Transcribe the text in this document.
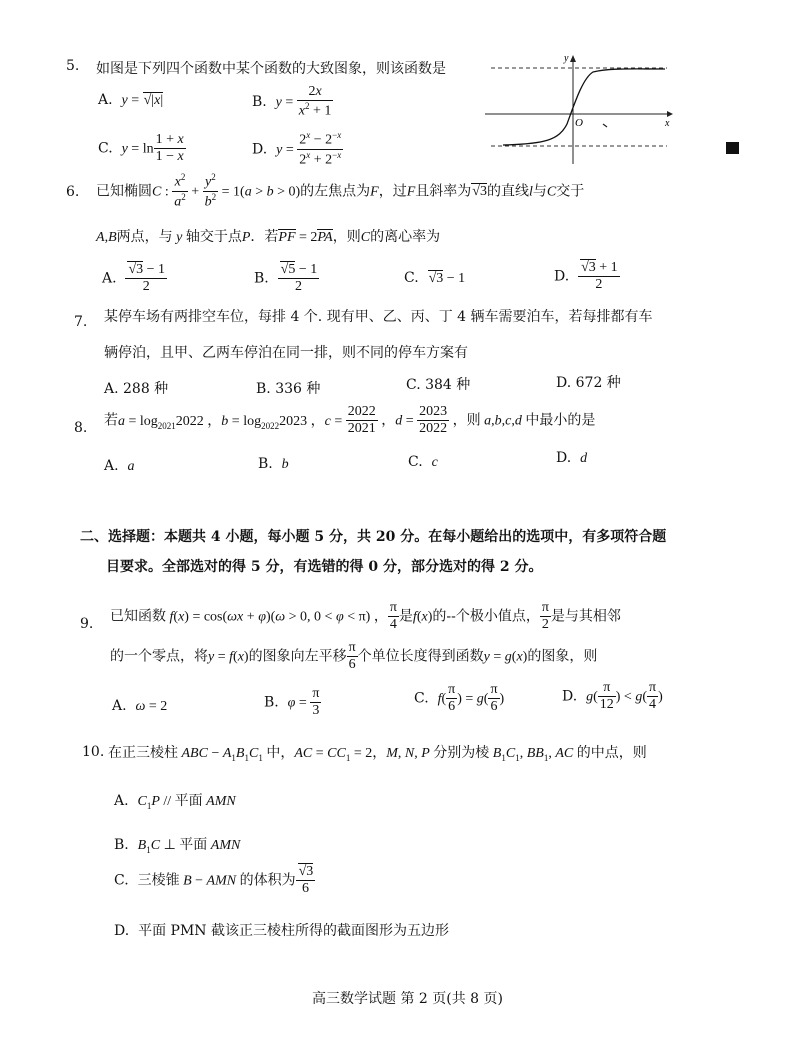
5. 如图是下列四个函数中某个函数的大致图象，则该函数是
A. y = √|x|	B. $y = \frac{2x}{x^2 + 1}$
C. $y = \ln \frac{1 + x}{1 - x}$	D. $y = \frac{2^x - 2^{-x}}{2^x + 2^{-x}}$
y
x
O
6. 已知椭圆C : $\frac{x^2}{a^2} + \frac{y^2}{b^2} = 1(a > b > 0)$的左焦点为F，过F且斜率为√3的直线l与C交于
A,B两点，与 y 轴交于点P．若PF = 2PA，则C的离心率为
A. $\frac{√3 - 1}{2}$	B. $\frac{√5 - 1}{2}$	C. √3 − 1	D. $\frac{√3 + 1}{2}$
7. 某停车场有两排空车位，每排 4 个. 现有甲、乙、丙、丁 4 辆车需要泊车，若每排都有车
辆停泊，且甲、乙两车停泊在同一排，则不同的停车方案有
A. 288 种	B. 336 种	C. 384 种	D. 672 种
8. 若$a = \log_{2021}2022$ ，$b = \log_{2022}2023$ ，$c = \frac{2022}{2021}$ ，$d = \frac{2023}{2022}$ ，则 a,b,c,d 中最小的是
A. a	B. b	C. c	D. d
二、选择题：本题共 4 小题，每小题 5 分，共 20 分。在每小题给出的选项中，有多项符合题
目要求。全部选对的得 5 分，有选错的得 0 分，部分选对的得 2 分。
9. 已知函数 f(x) = cos(ωx + φ)(ω > 0, 0 < φ < π) ， $\frac{\pi}{4}$ 是f(x)的--个极小值点， $\frac{\pi}{2}$ 是与其相邻
的一个零点，将y = f(x)的图象向左平移 $\frac{\pi}{6}$ 个单位长度得到函数y = g(x)的图象，则
A. ω = 2	B. $\varphi = \frac{\pi}{3}$	C. $f( \frac{\pi}{6}$ ) = $g( \frac{\pi}{6}$ )	D. $g( \frac{\pi}{12}$ ) < $g( \frac{\pi}{4}$ )
10. 在正三棱柱 ABC − $A_1B_1C_1$ 中，AC = $CC_1 = 2$，M, N, P 分别为棱 $B_1C_1$, $BB_1$, AC 的中点，则
A. $C_1P$ // 平面 AMN
B. $B_1C$ ⊥ 平面 AMN
C. 三棱锥 B − AMN 的体积为 $\frac{√3}{6}$
D. 平面 PMN 截该正三棱柱所得的截面图形为五边形
高三数学试题 第 2 页(共 8 页)
